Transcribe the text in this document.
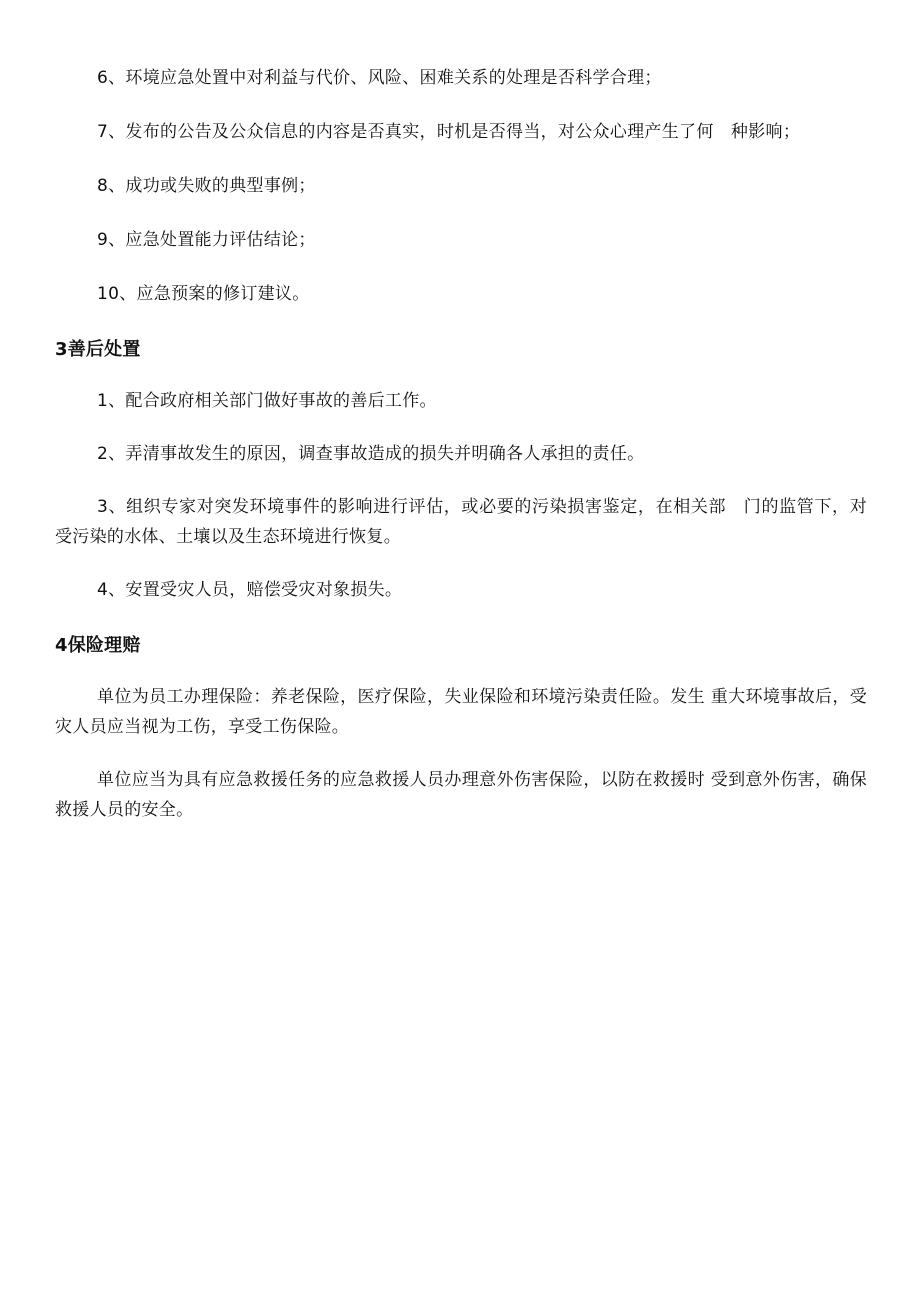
6、环境应急处置中对利益与代价、风险、困难关系的处理是否科学合理；

7、发布的公告及公众信息的内容是否真实，时机是否得当，对公众心理产生了何　种影响；

8、成功或失败的典型事例；

9、应急处置能力评估结论；

10、应急预案的修订建议。

3善后处置

1、配合政府相关部门做好事故的善后工作。

2、弄清事故发生的原因，调查事故造成的损失并明确各人承担的责任。

3、组织专家对突发环境事件的影响进行评估，或必要的污染损害鉴定，在相关部　门的监管下，对受污染的水体、土壤以及生态环境进行恢复。

4、安置受灾人员，赔偿受灾对象损失。

4保险理赔

单位为员工办理保险：养老保险，医疗保险，失业保险和环境污染责任险。发生 重大环境事故后，受灾人员应当视为工伤，享受工伤保险。

单位应当为具有应急救援任务的应急救援人员办理意外伤害保险，以防在救援时 受到意外伤害，确保救援人员的安全。
